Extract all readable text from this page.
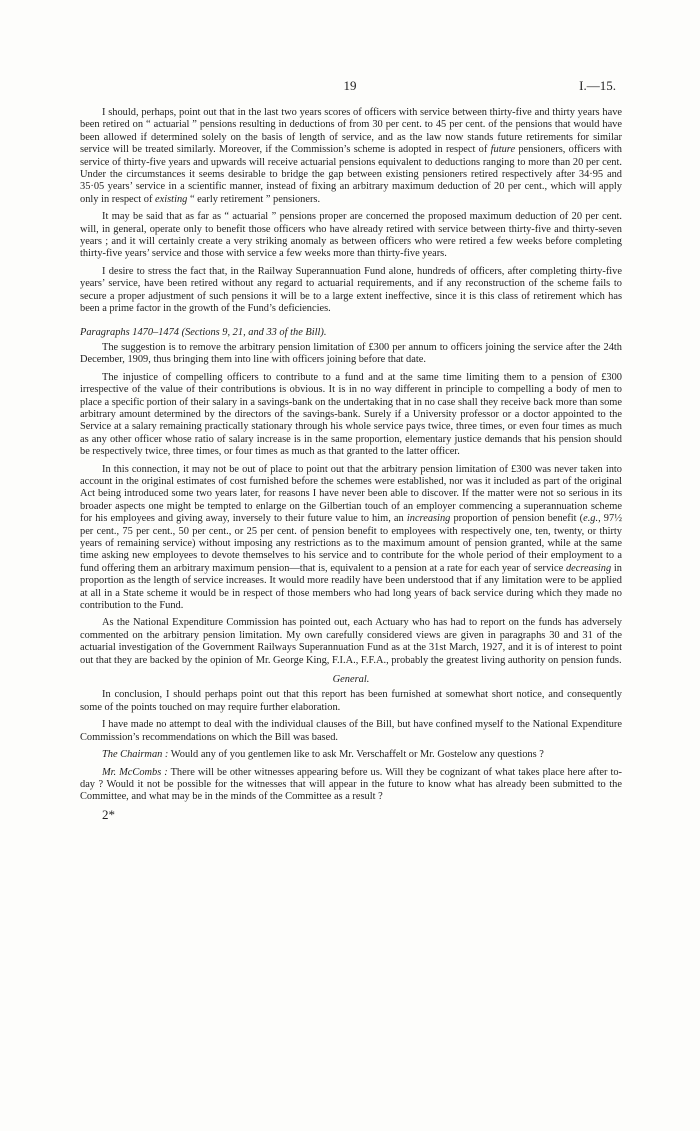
19	I.—15.

I should, perhaps, point out that in the last two years scores of officers with service between thirty-five and thirty years have been retired on “ actuarial ” pensions resulting in deductions of from 30 per cent. to 45 per cent. of the pensions that would have been allowed if determined solely on the basis of length of service, and as the law now stands future retirements for similar service will be treated similarly. Moreover, if the Commission’s scheme is adopted in respect of future pensioners, officers with service of thirty-five years and upwards will receive actuarial pensions equivalent to deductions ranging to more than 20 per cent. Under the circumstances it seems desirable to bridge the gap between existing pensioners retired respectively after 34·95 and 35·05 years’ service in a scientific manner, instead of fixing an arbitrary maximum deduction of 20 per cent., which will apply only in respect of existing “ early retirement ” pensioners.

It may be said that as far as “ actuarial ” pensions proper are concerned the proposed maximum deduction of 20 per cent. will, in general, operate only to benefit those officers who have already retired with service between thirty-five and thirty-seven years ; and it will certainly create a very striking anomaly as between officers who were retired a few weeks before completing thirty-five years’ service and those with service a few weeks more than thirty-five years.

I desire to stress the fact that, in the Railway Superannuation Fund alone, hundreds of officers, after completing thirty-five years’ service, have been retired without any regard to actuarial requirements, and if any reconstruction of the scheme fails to secure a proper adjustment of such pensions it will be to a large extent ineffective, since it is this class of retirement which has been a prime factor in the growth of the Fund’s deficiencies.

Paragraphs 1470–1474 (Sections 9, 21, and 33 of the Bill).

The suggestion is to remove the arbitrary pension limitation of £300 per annum to officers joining the service after the 24th December, 1909, thus bringing them into line with officers joining before that date.

The injustice of compelling officers to contribute to a fund and at the same time limiting them to a pension of £300 irrespective of the value of their contributions is obvious. It is in no way different in principle to compelling a body of men to place a specific portion of their salary in a savings-bank on the undertaking that in no case shall they receive back more than some arbitrary amount determined by the directors of the savings-bank. Surely if a University professor or a doctor appointed to the Service at a salary remaining practically stationary through his whole service pays twice, three times, or even four times as much as any other officer whose ratio of salary increase is in the same proportion, elementary justice demands that his pension should be respectively twice, three times, or four times as much as that granted to the latter officer.

In this connection, it may not be out of place to point out that the arbitrary pension limitation of £300 was never taken into account in the original estimates of cost furnished before the schemes were established, nor was it included as part of the original Act being introduced some two years later, for reasons I have never been able to discover. If the matter were not so serious in its broader aspects one might be tempted to enlarge on the Gilbertian touch of an employer commencing a superannuation scheme for his employees and giving away, inversely to their future value to him, an increasing proportion of pension benefit (e.g., 97½ per cent., 75 per cent., 50 per cent., or 25 per cent. of pension benefit to employees with respectively one, ten, twenty, or thirty years of remaining service) without imposing any restrictions as to the maximum amount of pension granted, while at the same time asking new employees to devote themselves to his service and to contribute for the whole period of their employment to a fund offering them an arbitrary maximum pension—that is, equivalent to a pension at a rate for each year of service decreasing in proportion as the length of service increases. It would more readily have been understood that if any limitation were to be applied at all in a State scheme it would be in respect of those members who had long years of back service during which they made no contribution to the Fund.

As the National Expenditure Commission has pointed out, each Actuary who has had to report on the funds has adversely commented on the arbitrary pension limitation. My own carefully considered views are given in paragraphs 30 and 31 of the actuarial investigation of the Government Railways Superannuation Fund as at the 31st March, 1927, and it is of interest to point out that they are backed by the opinion of Mr. George King, F.I.A., F.F.A., probably the greatest living authority on pension funds.

General.

In conclusion, I should perhaps point out that this report has been furnished at somewhat short notice, and consequently some of the points touched on may require further elaboration.

I have made no attempt to deal with the individual clauses of the Bill, but have confined myself to the National Expenditure Commission’s recommendations on which the Bill was based.

The Chairman : Would any of you gentlemen like to ask Mr. Verschaffelt or Mr. Gostelow any questions ?

Mr. McCombs : There will be other witnesses appearing before us. Will they be cognizant of what takes place here after to-day ? Would it not be possible for the witnesses that will appear in the future to know what has already been submitted to the Committee, and what may be in the minds of the Committee as a result ?

2*
